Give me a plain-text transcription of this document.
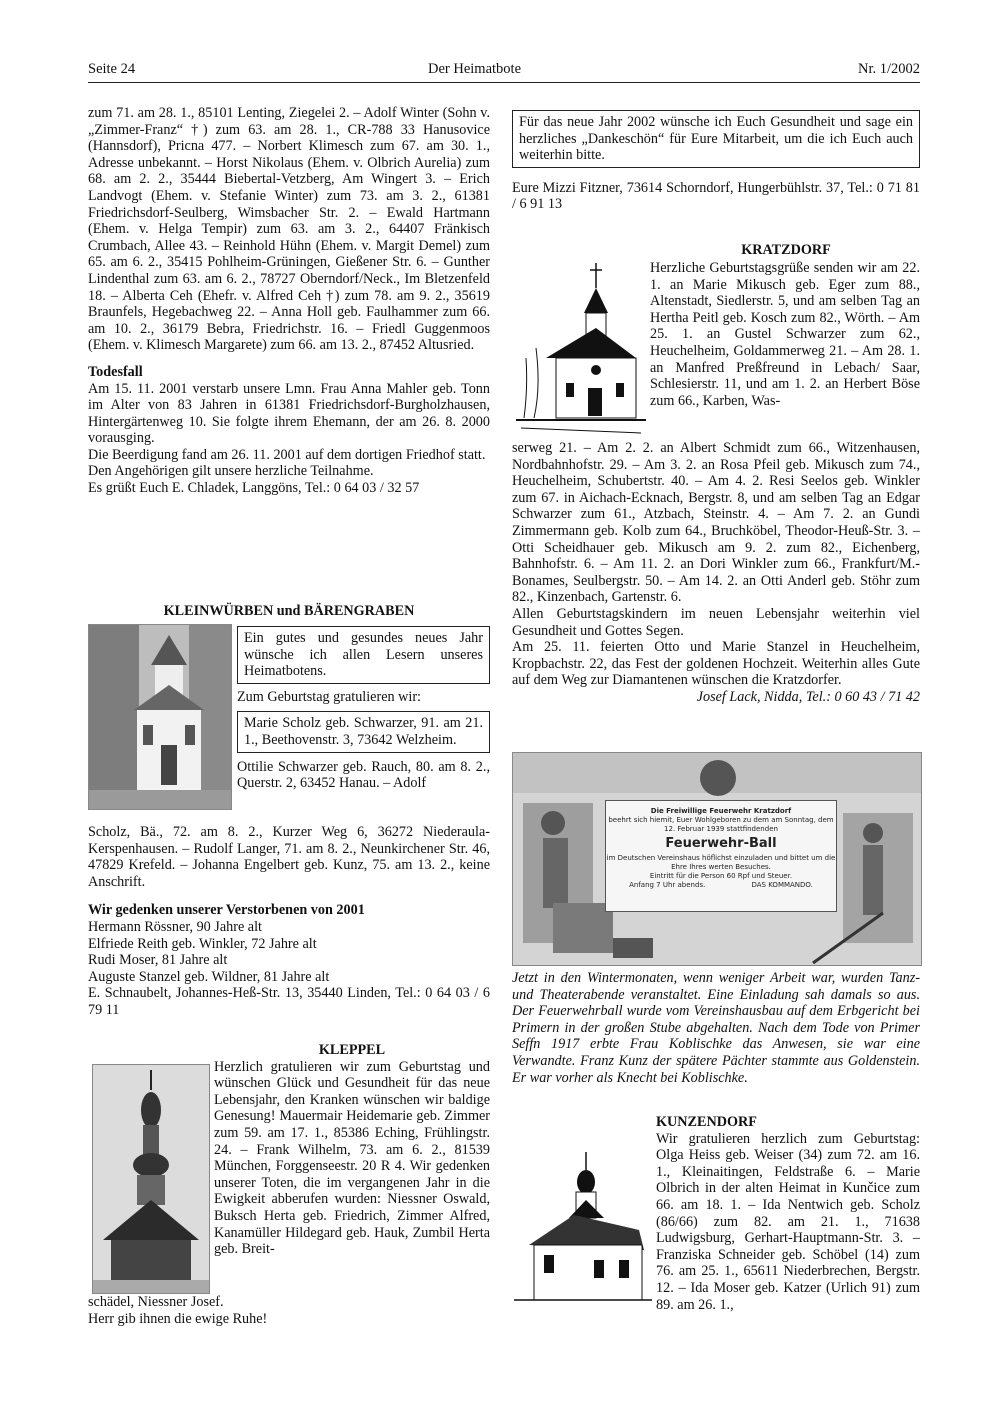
Seite 24	Der Heimatbote	Nr. 1/2002

zum 71. am 28. 1., 85101 Lenting, Ziegelei 2. – Adolf Winter (Sohn v. „Zimmer-Franz“ †) zum 63. am 28. 1., CR-788 33 Hanusovice (Hannsdorf), Pricna 477. – Norbert Klimesch zum 67. am 30. 1., Adresse unbekannt. – Horst Nikolaus (Ehem. v. Olbrich Aurelia) zum 68. am 2. 2., 35444 Biebertal-Vetzberg, Am Wingert 3. – Erich Landvogt (Ehem. v. Stefanie Winter) zum 73. am 3. 2., 61381 Friedrichsdorf-Seulberg, Wimsbacher Str. 2. – Ewald Hartmann (Ehem. v. Helga Tempir) zum 63. am 3. 2., 64407 Fränkisch Crumbach, Allee 43. – Reinhold Hühn (Ehem. v. Margit Demel) zum 65. am 6. 2., 35415 Pohlheim-Grüningen, Gießener Str. 6. – Gunther Lindenthal zum 63. am 6. 2., 78727 Oberndorf/Neck., Im Bletzenfeld 18. – Alberta Ceh (Ehefr. v. Alfred Ceh †) zum 78. am 9. 2., 35619 Braunfels, Hegebachweg 22. – Anna Holl geb. Faulhammer zum 66. am 10. 2., 36179 Bebra, Friedrichstr. 16. – Friedl Guggenmoos (Ehem. v. Klimesch Margarete) zum 66. am 13. 2., 87452 Altusried.

Todesfall

Am 15. 11. 2001 verstarb unsere Lmn. Frau Anna Mahler geb. Tonn im Alter von 83 Jahren in 61381 Friedrichsdorf-Burgholzhausen, Hintergärtenweg 10. Sie folgte ihrem Ehemann, der am 26. 8. 2000 vorausging.

Die Beerdigung fand am 26. 11. 2001 auf dem dortigen Friedhof statt.

Den Angehörigen gilt unsere herzliche Teilnahme.

Es grüßt Euch E. Chladek, Langgöns, Tel.: 0 64 03 / 32 57

KLEINWÜRBEN und BÄRENGRABEN

Ein gutes und gesundes neues Jahr wünsche ich allen Lesern unseres Heimatbotens.

Zum Geburtstag gratulieren wir:

Marie Scholz geb. Schwarzer, 91. am 21. 1., Beethovenstr. 3, 73642 Welzheim.

Ottilie Schwarzer geb. Rauch, 80. am 8. 2., Querstr. 2, 63452 Hanau. – Adolf

Scholz, Bä., 72. am 8. 2., Kurzer Weg 6, 36272 Niederaula-Kerspenhausen. – Rudolf Langer, 71. am 8. 2., Neunkirchener Str. 46, 47829 Krefeld. – Johanna Engelbert geb. Kunz, 75. am 13. 2., keine Anschrift.

Wir gedenken unserer Verstorbenen von 2001

Hermann Rössner, 90 Jahre alt

Elfriede Reith geb. Winkler, 72 Jahre alt

Rudi Moser, 81 Jahre alt

Auguste Stanzel geb. Wildner, 81 Jahre alt

E. Schnaubelt, Johannes-Heß-Str. 13, 35440 Linden, Tel.: 0 64 03 / 6 79 11

KLEPPEL

Herzlich gratulieren wir zum Geburtstag und wünschen Glück und Gesundheit für das neue Lebensjahr, den Kranken wünschen wir baldige Genesung! Mauermair Heidemarie geb. Zimmer zum 59. am 17. 1., 85386 Eching, Frühlingstr. 24. – Frank Wilhelm, 73. am 6. 2., 81539 München, Forggenseestr. 20 R 4. Wir gedenken unserer Toten, die im vergangenen Jahr in die Ewigkeit abberufen wurden: Niessner Oswald, Buksch Herta geb. Friedrich, Zimmer Alfred, Kanamüller Hildegard geb. Hauk, Zumbil Herta geb. Breit-

schädel, Niessner Josef.

Herr gib ihnen die ewige Ruhe!

Für das neue Jahr 2002 wünsche ich Euch Gesundheit und sage ein herzliches „Dankeschön“ für Eure Mitarbeit, um die ich Euch auch weiterhin bitte.

Eure Mizzi Fitzner, 73614 Schorndorf, Hungerbühlstr. 37, Tel.: 0 71 81 / 6 91 13

KRATZDORF

Herzliche Geburtstagsgrüße senden wir am 22. 1. an Marie Mikusch geb. Eger zum 88., Altenstadt, Siedlerstr. 5, und am selben Tag an Hertha Peitl geb. Kosch zum 82., Wörth. – Am 25. 1. an Gustel Schwarzer zum 62., Heuchelheim, Goldammerweg 21. – Am 28. 1. an Manfred Preßfreund in Lebach/ Saar, Schlesierstr. 11, und am 1. 2. an Herbert Böse zum 66., Karben, Was-

serweg 21. – Am 2. 2. an Albert Schmidt zum 66., Witzenhausen, Nordbahnhofstr. 29. – Am 3. 2. an Rosa Pfeil geb. Mikusch zum 74., Heuchelheim, Schubertstr. 40. – Am 4. 2. Resi Seelos geb. Winkler zum 67. in Aichach-Ecknach, Bergstr. 8, und am selben Tag an Edgar Schwarzer zum 61., Atzbach, Steinstr. 4. – Am 7. 2. an Gundi Zimmermann geb. Kolb zum 64., Bruchköbel, Theodor-Heuß-Str. 3. – Otti Scheidhauer geb. Mikusch am 9. 2. zum 82., Eichenberg, Bahnhofstr. 6. – Am 11. 2. an Dori Winkler zum 66., Frankfurt/M.-Bonames, Seulbergstr. 50. – Am 14. 2. an Otti Anderl geb. Stöhr zum 82., Kinzenbach, Gartenstr. 6.

Allen Geburtstagskindern im neuen Lebensjahr weiterhin viel Gesundheit und Gottes Segen.

Am 25. 11. feierten Otto und Marie Stanzel in Heuchelheim, Kropbachstr. 22, das Fest der goldenen Hochzeit. Weiterhin alles Gute auf dem Weg zur Diamantenen wünschen die Kratzdorfer.

Josef Lack, Nidda, Tel.: 0 60 43 / 71 42

Die Freiwillige Feuerwehr Kratzdorf
beehrt sich hiemit, Euer Wohlgeboren zu dem am Sonntag, dem 12. Februar 1939 stattfindenden
Feuerwehr-Ball
im Deutschen Vereinshaus höflichst einzuladen und bittet um die Ehre Ihres werten Besuches.
Eintritt für die Person 60 Rpf und Steuer.
Anfang 7 Uhr abends.	DAS KOMMANDO.
Jetzt in den Wintermonaten, wenn weniger Arbeit war, wurden Tanz- und Theaterabende veranstaltet. Eine Einladung sah damals so aus. Der Feuerwehrball wurde vom Vereinshausbau auf dem Erbgericht bei Primern in der großen Stube abgehalten. Nach dem Tode von Primer Seffn 1917 erbte Frau Koblischke das Anwesen, sie war eine Verwandte. Franz Kunz der spätere Pächter stammte aus Goldenstein. Er war vorher als Knecht bei Koblischke.

KUNZENDORF

Wir gratulieren herzlich zum Geburtstag: Olga Heiss geb. Weiser (34) zum 72. am 16. 1., Kleinaitingen, Feldstraße 6. – Marie Olbrich in der alten Heimat in Kunčice zum 66. am 18. 1. – Ida Nentwich geb. Scholz (86/66) zum 82. am 21. 1., 71638 Ludwigsburg, Gerhart-Hauptmann-Str. 3. – Franziska Schneider geb. Schöbel (14) zum 76. am 25. 1., 65611 Niederbrechen, Bergstr. 12. – Ida Moser geb. Katzer (Urlich 91) zum 89. am 26. 1.,
